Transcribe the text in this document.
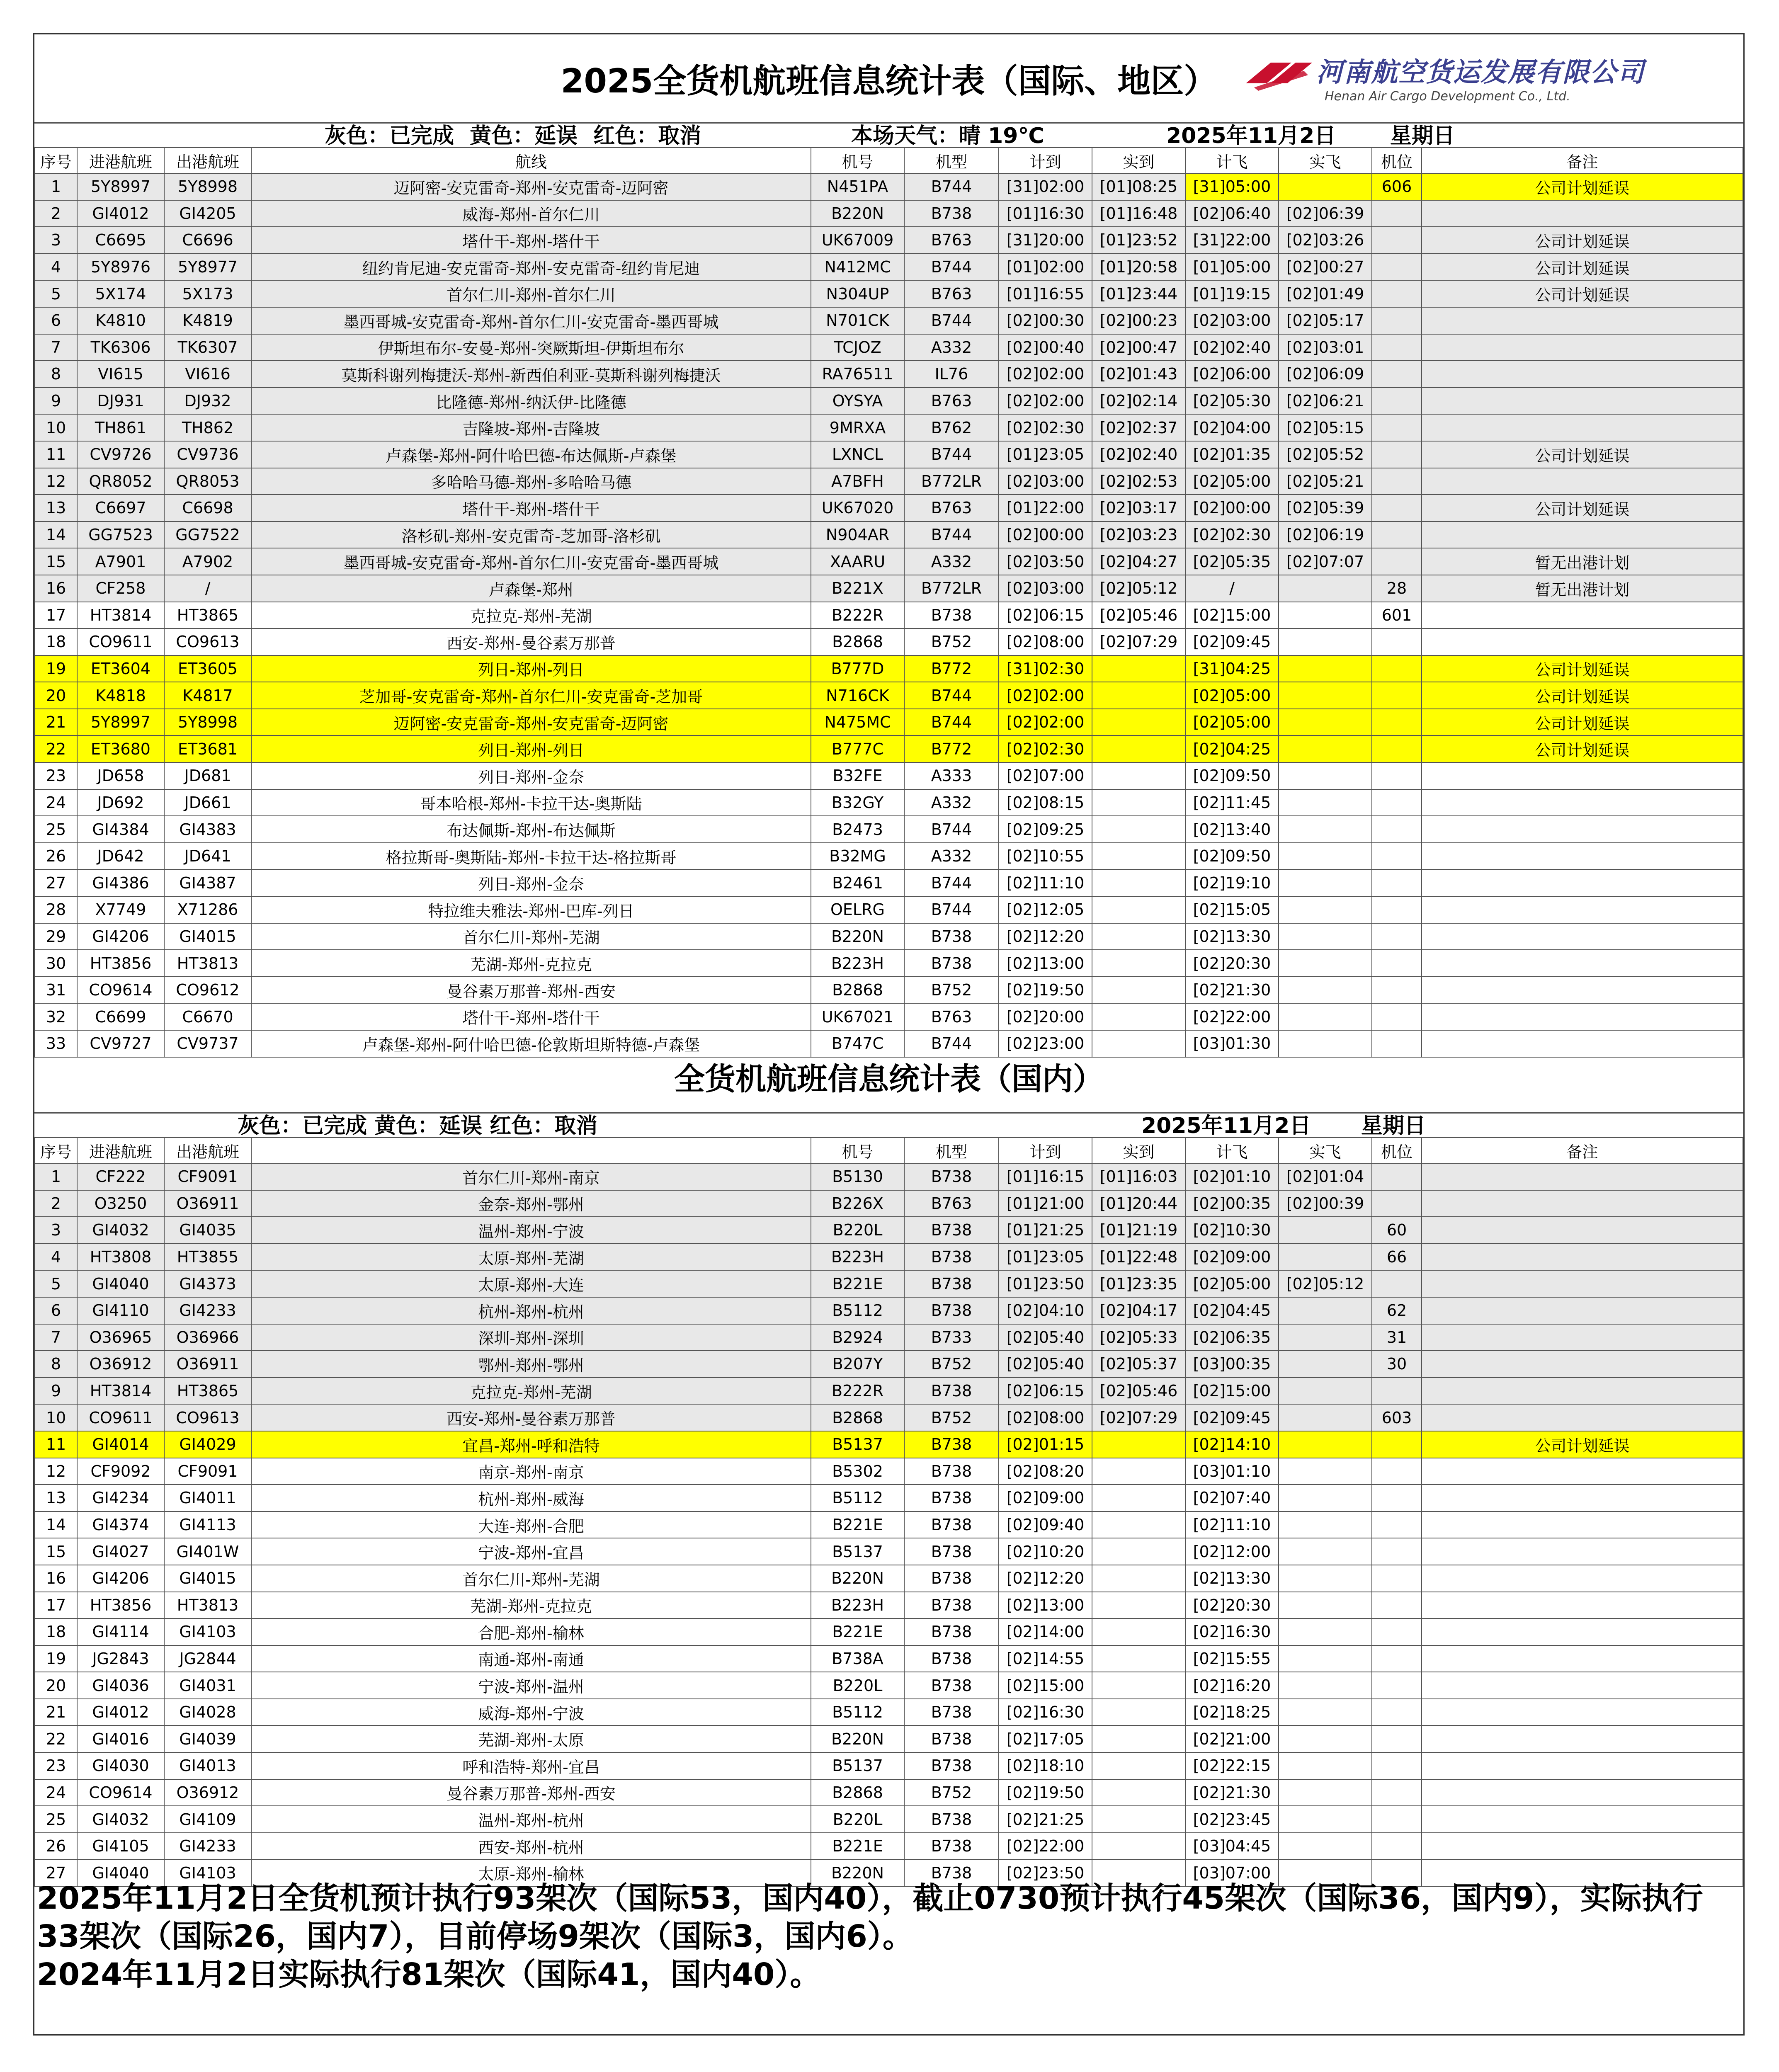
2025全货机航班信息统计表（国际、地区）	河南航空货运发展有限公司
Henan Air Cargo Development Co., Ltd.
灰色：已完成 黄色：延误 红色：取消	本场天气：晴 19℃	2025年11月2日	星期日
序号	进港航班	出港航班	航线	机号	机型	计到	实到	计飞	实飞	机位	备注
1	5Y8997	5Y8998	迈阿密-安克雷奇-郑州-安克雷奇-迈阿密	N451PA	B744	[31]02:00	[01]08:25	[31]05:00		606	公司计划延误
2	GI4012	GI4205	威海-郑州-首尔仁川	B220N	B738	[01]16:30	[01]16:48	[02]06:40	[02]06:39		
3	C6695	C6696	塔什干-郑州-塔什干	UK67009	B763	[31]20:00	[01]23:52	[31]22:00	[02]03:26		公司计划延误
4	5Y8976	5Y8977	纽约肯尼迪-安克雷奇-郑州-安克雷奇-纽约肯尼迪	N412MC	B744	[01]02:00	[01]20:58	[01]05:00	[02]00:27		公司计划延误
5	5X174	5X173	首尔仁川-郑州-首尔仁川	N304UP	B763	[01]16:55	[01]23:44	[01]19:15	[02]01:49		公司计划延误
6	K4810	K4819	墨西哥城-安克雷奇-郑州-首尔仁川-安克雷奇-墨西哥城	N701CK	B744	[02]00:30	[02]00:23	[02]03:00	[02]05:17		
7	TK6306	TK6307	伊斯坦布尔-安曼-郑州-突厥斯坦-伊斯坦布尔	TCJOZ	A332	[02]00:40	[02]00:47	[02]02:40	[02]03:01		
8	VI615	VI616	莫斯科谢列梅捷沃-郑州-新西伯利亚-莫斯科谢列梅捷沃	RA76511	IL76	[02]02:00	[02]01:43	[02]06:00	[02]06:09		
9	DJ931	DJ932	比隆德-郑州-纳沃伊-比隆德	OYSYA	B763	[02]02:00	[02]02:14	[02]05:30	[02]06:21		
10	TH861	TH862	吉隆坡-郑州-吉隆坡	9MRXA	B762	[02]02:30	[02]02:37	[02]04:00	[02]05:15		
11	CV9726	CV9736	卢森堡-郑州-阿什哈巴德-布达佩斯-卢森堡	LXNCL	B744	[01]23:05	[02]02:40	[02]01:35	[02]05:52		公司计划延误
12	QR8052	QR8053	多哈哈马德-郑州-多哈哈马德	A7BFH	B772LR	[02]03:00	[02]02:53	[02]05:00	[02]05:21		
13	C6697	C6698	塔什干-郑州-塔什干	UK67020	B763	[01]22:00	[02]03:17	[02]00:00	[02]05:39		公司计划延误
14	GG7523	GG7522	洛杉矶-郑州-安克雷奇-芝加哥-洛杉矶	N904AR	B744	[02]00:00	[02]03:23	[02]02:30	[02]06:19		
15	A7901	A7902	墨西哥城-安克雷奇-郑州-首尔仁川-安克雷奇-墨西哥城	XAARU	A332	[02]03:50	[02]04:27	[02]05:35	[02]07:07		暂无出港计划
16	CF258	/	卢森堡-郑州	B221X	B772LR	[02]03:00	[02]05:12	/		28	暂无出港计划
17	HT3814	HT3865	克拉克-郑州-芜湖	B222R	B738	[02]06:15	[02]05:46	[02]15:00		601	
18	CO9611	CO9613	西安-郑州-曼谷素万那普	B2868	B752	[02]08:00	[02]07:29	[02]09:45			
19	ET3604	ET3605	列日-郑州-列日	B777D	B772	[31]02:30		[31]04:25			公司计划延误
20	K4818	K4817	芝加哥-安克雷奇-郑州-首尔仁川-安克雷奇-芝加哥	N716CK	B744	[02]02:00		[02]05:00			公司计划延误
21	5Y8997	5Y8998	迈阿密-安克雷奇-郑州-安克雷奇-迈阿密	N475MC	B744	[02]02:00		[02]05:00			公司计划延误
22	ET3680	ET3681	列日-郑州-列日	B777C	B772	[02]02:30		[02]04:25			公司计划延误
23	JD658	JD681	列日-郑州-金奈	B32FE	A333	[02]07:00		[02]09:50			
24	JD692	JD661	哥本哈根-郑州-卡拉干达-奥斯陆	B32GY	A332	[02]08:15		[02]11:45			
25	GI4384	GI4383	布达佩斯-郑州-布达佩斯	B2473	B744	[02]09:25		[02]13:40			
26	JD642	JD641	格拉斯哥-奥斯陆-郑州-卡拉干达-格拉斯哥	B32MG	A332	[02]10:55		[02]09:50			
27	GI4386	GI4387	列日-郑州-金奈	B2461	B744	[02]11:10		[02]19:10			
28	X7749	X71286	特拉维夫雅法-郑州-巴库-列日	OELRG	B744	[02]12:05		[02]15:05			
29	GI4206	GI4015	首尔仁川-郑州-芜湖	B220N	B738	[02]12:20		[02]13:30			
30	HT3856	HT3813	芜湖-郑州-克拉克	B223H	B738	[02]13:00		[02]20:30			
31	CO9614	CO9612	曼谷素万那普-郑州-西安	B2868	B752	[02]19:50		[02]21:30			
32	C6699	C6670	塔什干-郑州-塔什干	UK67021	B763	[02]20:00		[02]22:00			
33	CV9727	CV9737	卢森堡-郑州-阿什哈巴德-伦敦斯坦斯特德-卢森堡	B747C	B744	[02]23:00		[03]01:30			
全货机航班信息统计表（国内）
灰色：已完成 黄色：延误 红色：取消	2025年11月2日 星期日
序号	进港航班	出港航班		机号	机型	计到	实到	计飞	实飞	机位	备注
1	CF222	CF9091	首尔仁川-郑州-南京	B5130	B738	[01]16:15	[01]16:03	[02]01:10	[02]01:04		
2	O3250	O36911	金奈-郑州-鄂州	B226X	B763	[01]21:00	[01]20:44	[02]00:35	[02]00:39		
3	GI4032	GI4035	温州-郑州-宁波	B220L	B738	[01]21:25	[01]21:19	[02]10:30		60	
4	HT3808	HT3855	太原-郑州-芜湖	B223H	B738	[01]23:05	[01]22:48	[02]09:00		66	
5	GI4040	GI4373	太原-郑州-大连	B221E	B738	[01]23:50	[01]23:35	[02]05:00	[02]05:12		
6	GI4110	GI4233	杭州-郑州-杭州	B5112	B738	[02]04:10	[02]04:17	[02]04:45		62	
7	O36965	O36966	深圳-郑州-深圳	B2924	B733	[02]05:40	[02]05:33	[02]06:35		31	
8	O36912	O36911	鄂州-郑州-鄂州	B207Y	B752	[02]05:40	[02]05:37	[03]00:35		30	
9	HT3814	HT3865	克拉克-郑州-芜湖	B222R	B738	[02]06:15	[02]05:46	[02]15:00			
10	CO9611	CO9613	西安-郑州-曼谷素万那普	B2868	B752	[02]08:00	[02]07:29	[02]09:45		603	
11	GI4014	GI4029	宜昌-郑州-呼和浩特	B5137	B738	[02]01:15		[02]14:10			公司计划延误
12	CF9092	CF9091	南京-郑州-南京	B5302	B738	[02]08:20		[03]01:10			
13	GI4234	GI4011	杭州-郑州-威海	B5112	B738	[02]09:00		[02]07:40			
14	GI4374	GI4113	大连-郑州-合肥	B221E	B738	[02]09:40		[02]11:10			
15	GI4027	GI401W	宁波-郑州-宜昌	B5137	B738	[02]10:20		[02]12:00			
16	GI4206	GI4015	首尔仁川-郑州-芜湖	B220N	B738	[02]12:20		[02]13:30			
17	HT3856	HT3813	芜湖-郑州-克拉克	B223H	B738	[02]13:00		[02]20:30			
18	GI4114	GI4103	合肥-郑州-榆林	B221E	B738	[02]14:00		[02]16:30			
19	JG2843	JG2844	南通-郑州-南通	B738A	B738	[02]14:55		[02]15:55			
20	GI4036	GI4031	宁波-郑州-温州	B220L	B738	[02]15:00		[02]16:20			
21	GI4012	GI4028	威海-郑州-宁波	B5112	B738	[02]16:30		[02]18:25			
22	GI4016	GI4039	芜湖-郑州-太原	B220N	B738	[02]17:05		[02]21:00			
23	GI4030	GI4013	呼和浩特-郑州-宜昌	B5137	B738	[02]18:10		[02]22:15			
24	CO9614	O36912	曼谷素万那普-郑州-西安	B2868	B752	[02]19:50		[02]21:30			
25	GI4032	GI4109	温州-郑州-杭州	B220L	B738	[02]21:25		[02]23:45			
26	GI4105	GI4233	西安-郑州-杭州	B221E	B738	[02]22:00		[03]04:45			
27	GI4040	GI4103	太原-郑州-榆林	B220N	B738	[02]23:50		[03]07:00			
2025年11月2日全货机预计执行93架次（国际53，国内40），截止0730预计执行45架次（国际36，国内9），实际执行33架次（国际26，国内7），目前停场9架次（国际3，国内6）。
2024年11月2日实际执行81架次（国际41，国内40）。
